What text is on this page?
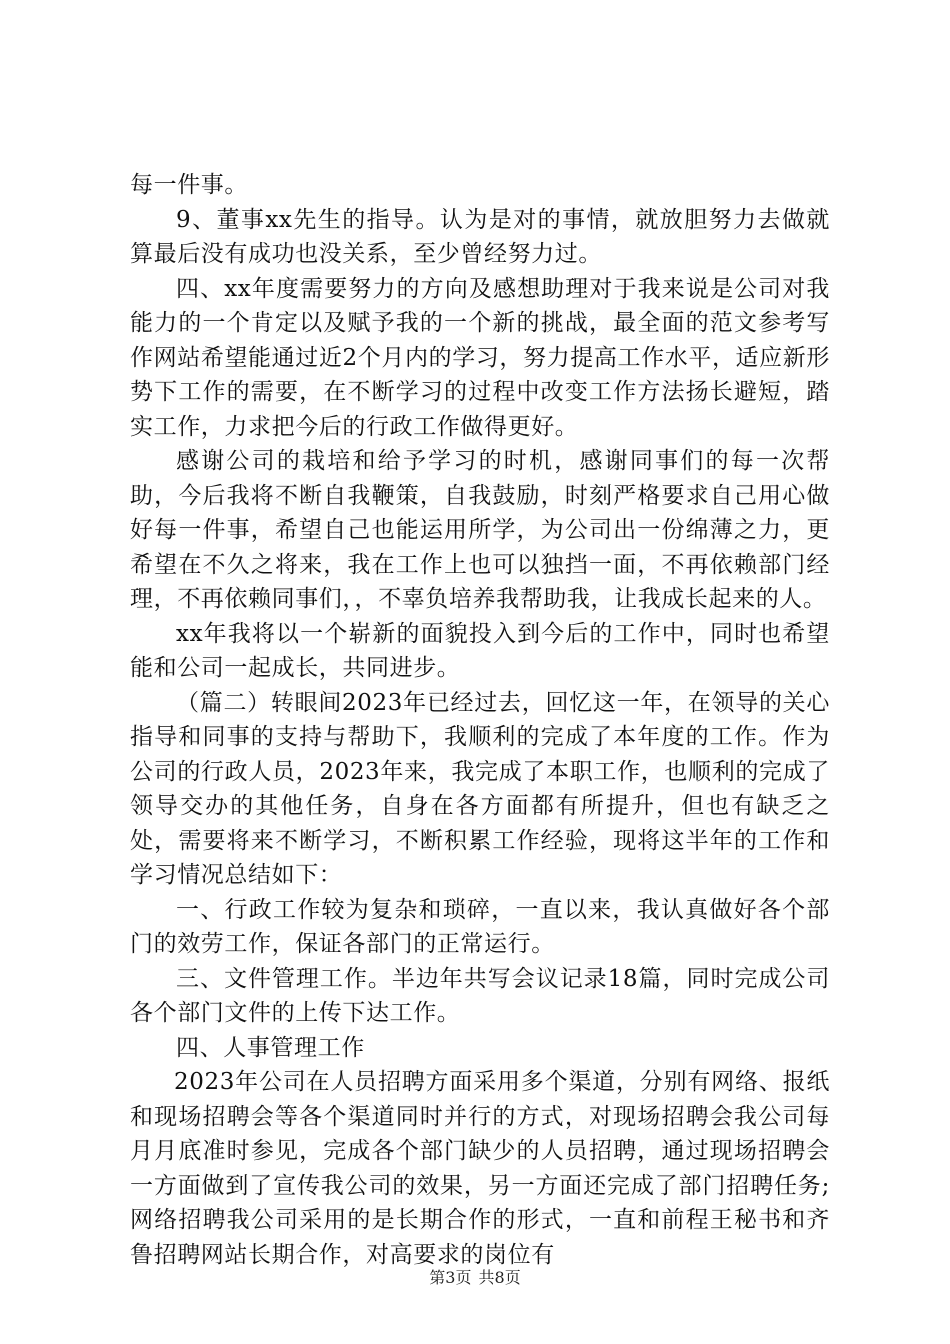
每一件事。

9、董事xx先生的指导。认为是对的事情，就放胆努力去做就算最后没有成功也没关系，至少曾经努力过。

四、xx年度需要努力的方向及感想助理对于我来说是公司对我能力的一个肯定以及赋予我的一个新的挑战，最全面的范文参考写作网站希望能通过近2个月内的学习，努力提高工作水平，适应新形势下工作的需要，在不断学习的过程中改变工作方法扬长避短，踏实工作，力求把今后的行政工作做得更好。

感谢公司的栽培和给予学习的时机，感谢同事们的每一次帮助，今后我将不断自我鞭策，自我鼓励，时刻严格要求自己用心做好每一件事，希望自己也能运用所学，为公司出一份绵薄之力，更希望在不久之将来，我在工作上也可以独挡一面，不再依赖部门经理，不再依赖同事们，，不辜负培养我帮助我，让我成长起来的人。

xx年我将以一个崭新的面貌投入到今后的工作中，同时也希望能和公司一起成长，共同进步。

（篇二）转眼间2023年已经过去，回忆这一年，在领导的关心指导和同事的支持与帮助下，我顺利的完成了本年度的工作。作为公司的行政人员，2023年来，我完成了本职工作，也顺利的完成了领导交办的其他任务，自身在各方面都有所提升，但也有缺乏之处，需要将来不断学习，不断积累工作经验，现将这半年的工作和学习情况总结如下：

一、行政工作较为复杂和琐碎，一直以来，我认真做好各个部门的效劳工作，保证各部门的正常运行。

三、文件管理工作。半边年共写会议记录18篇，同时完成公司各个部门文件的上传下达工作。

四、人事管理工作

2023年公司在人员招聘方面采用多个渠道，分别有网络、报纸和现场招聘会等各个渠道同时并行的方式，对现场招聘会我公司每月月底准时参见，完成各个部门缺少的人员招聘，通过现场招聘会一方面做到了宣传我公司的效果，另一方面还完成了部门招聘任务;网络招聘我公司采用的是长期合作的形式，一直和前程王秘书和齐鲁招聘网站长期合作，对高要求的岗位有

第3页 共8页
